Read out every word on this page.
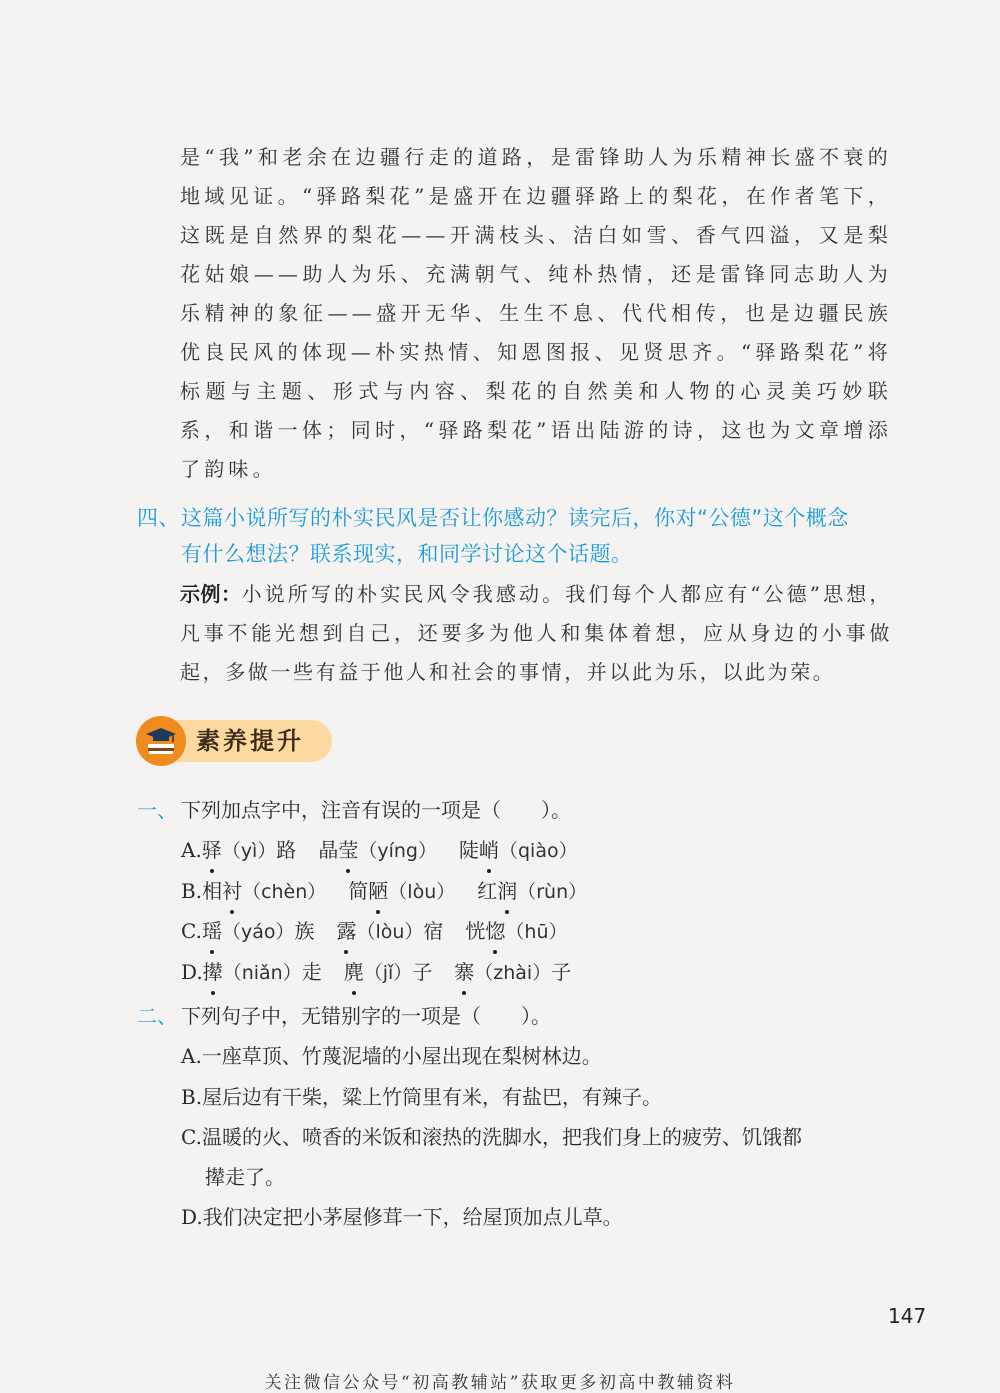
是“我”和老余在边疆行走的道路，是雷锋助人为乐精神长盛不衰的地域见证。“驿路梨花”是盛开在边疆驿路上的梨花，在作者笔下，这既是自然界的梨花——开满枝头、洁白如雪、香气四溢，又是梨花姑娘——助人为乐、充满朝气、纯朴热情，还是雷锋同志助人为乐精神的象征——盛开无华、生生不息、代代相传，也是边疆民族优良民风的体现—朴实热情、知恩图报、见贤思齐。“驿路梨花”将标题与主题、形式与内容、梨花的自然美和人物的心灵美巧妙联系，和谐一体；同时，“驿路梨花”语出陆游的诗，这也为文章增添了韵味。

四、这篇小说所写的朴实民风是否让你感动？读完后，你对“公德”这个概念
有什么想法？联系现实，和同学讨论这个话题。

示例：小说所写的朴实民风令我感动。我们每个人都应有“公德”思想，凡事不能光想到自己，还要多为他人和集体着想，应从身边的小事做起，多做一些有益于他人和社会的事情，并以此为乐，以此为荣。

素养提升
一、 下列加点字中，注音有误的一项是（　　）。
A.驿（yì）路 晶莹（yíng） 陡峭（qiào）
B.相衬（chèn） 简陋（lòu） 红润（rùn）
C.瑶（yáo）族 露（lòu）宿 恍惚（hū）
D.撵（niǎn）走 麂（jǐ）子 寨（zhài）子
二、 下列句子中，无错别字的一项是（　　）。
A.一座草顶、竹蔑泥墙的小屋出现在梨树林边。
B.屋后边有干柴，粱上竹筒里有米，有盐巴，有辣子。
C.温暖的火、喷香的米饭和滚热的洗脚水，把我们身上的疲劳、饥饿都
撵走了。
D.我们决定把小茅屋修茸一下，给屋顶加点儿草。
147
关注微信公众号“初高教辅站”获取更多初高中教辅资料
